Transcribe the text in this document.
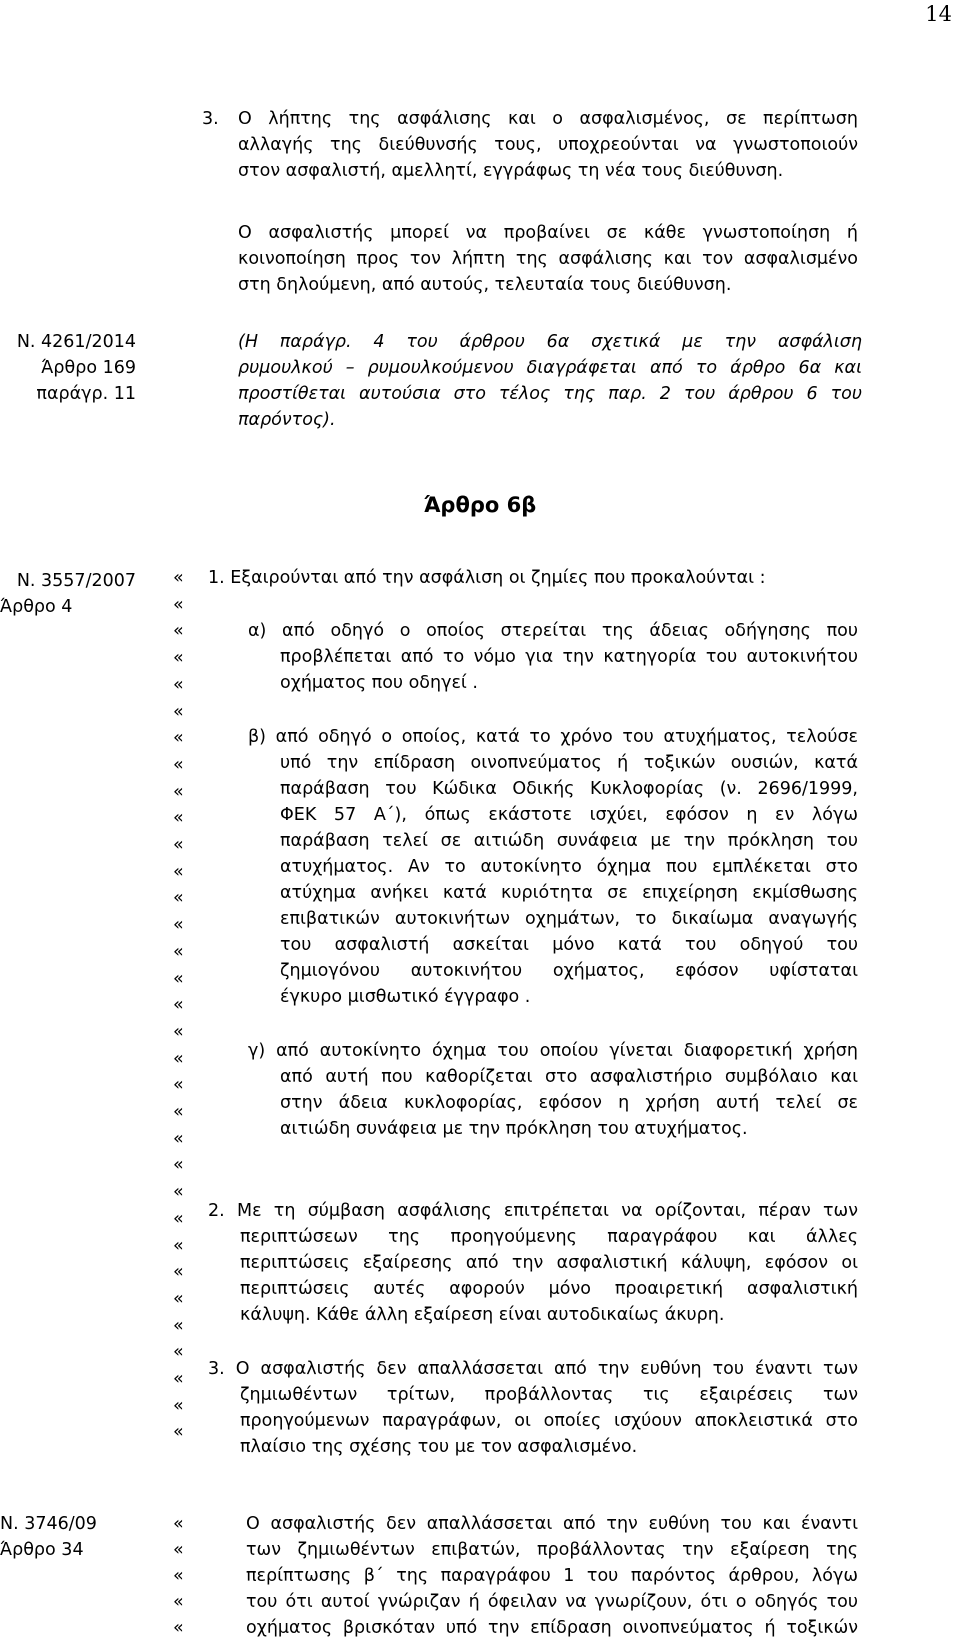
14
3. Ο λήπτης της ασφάλισης και ο ασφαλισμένος, σε περίπτωση
αλλαγής της διεύθυνσής τους, υποχρεούνται να γνωστοποιούν
στον ασφαλιστή, αμελλητί, εγγράφως τη νέα τους διεύθυνση.
Ο ασφαλιστής μπορεί να προβαίνει σε κάθε γνωστοποίηση ή
κοινοποίηση προς τον λήπτη της ασφάλισης και τον ασφαλισμένο
στη δηλούμενη, από αυτούς, τελευταία τους διεύθυνση.
Ν. 4261/2014
Άρθρο 169
παράγρ. 11
(Η παράγρ. 4 του άρθρου 6α σχετικά με την ασφάλιση
ρυμουλκού – ρυμουλκούμενου διαγράφεται από το άρθρο 6α και
προστίθεται αυτούσια στο τέλος της παρ. 2 του άρθρου 6 του
παρόντος).
Άρθρο 6β
Ν. 3557/2007
Άρθρο 4
«
«
«
«
«
«
«
«
«
«
«
«
«
«
«
«
«
«
«
«
«
«
«
«
«
«
«
«
«
«
«
«
«
«
«
«
«
«
1. Εξαιρούνται από την ασφάλιση οι ζημίες που προκαλούνται :
α) από οδηγό ο οποίος στερείται της άδειας οδήγησης που
προβλέπεται από το νόμο για την κατηγορία του αυτοκινήτου
οχήματος που οδηγεί .
β) από οδηγό ο οποίος, κατά το χρόνο του ατυχήματος, τελούσε
υπό την επίδραση οινοπνεύματος ή τοξικών ουσιών, κατά
παράβαση του Κώδικα Οδικής Κυκλοφορίας (ν. 2696/1999,
ΦΕΚ 57 Α΄), όπως εκάστοτε ισχύει, εφόσον η εν λόγω
παράβαση τελεί σε αιτιώδη συνάφεια με την πρόκληση του
ατυχήματος. Αν το αυτοκίνητο όχημα που εμπλέκεται στο
ατύχημα ανήκει κατά κυριότητα σε επιχείρηση εκμίσθωσης
επιβατικών αυτοκινήτων οχημάτων, το δικαίωμα αναγωγής
του ασφαλιστή ασκείται μόνο κατά του οδηγού του
ζημιογόνου αυτοκινήτου οχήματος, εφόσον υφίσταται
έγκυρο μισθωτικό έγγραφο .
γ) από αυτοκίνητο όχημα του οποίου γίνεται διαφορετική χρήση
από αυτή που καθορίζεται στο ασφαλιστήριο συμβόλαιο και
στην άδεια κυκλοφορίας, εφόσον η χρήση αυτή τελεί σε
αιτιώδη συνάφεια με την πρόκληση του ατυχήματος.
2. Με τη σύμβαση ασφάλισης επιτρέπεται να ορίζονται, πέραν των
περιπτώσεων της προηγούμενης παραγράφου και άλλες
περιπτώσεις εξαίρεσης από την ασφαλιστική κάλυψη, εφόσον οι
περιπτώσεις αυτές αφορούν μόνο προαιρετική ασφαλιστική
κάλυψη. Κάθε άλλη εξαίρεση είναι αυτοδικαίως άκυρη.
3. Ο ασφαλιστής δεν απαλλάσσεται από την ευθύνη του έναντι των
ζημιωθέντων τρίτων, προβάλλοντας τις εξαιρέσεις των
προηγούμενων παραγράφων, οι οποίες ισχύουν αποκλειστικά στο
πλαίσιο της σχέσης του με τον ασφαλισμένο.
Ν. 3746/09
Άρθρο 34
Ο ασφαλιστής δεν απαλλάσσεται από την ευθύνη του και έναντι
των ζημιωθέντων επιβατών, προβάλλοντας την εξαίρεση της
περίπτωσης β΄ της παραγράφου 1 του παρόντος άρθρου, λόγω
του ότι αυτοί γνώριζαν ή όφειλαν να γνωρίζουν, ότι ο οδηγός του
οχήματος βρισκόταν υπό την επίδραση οινοπνεύματος ή τοξικών
